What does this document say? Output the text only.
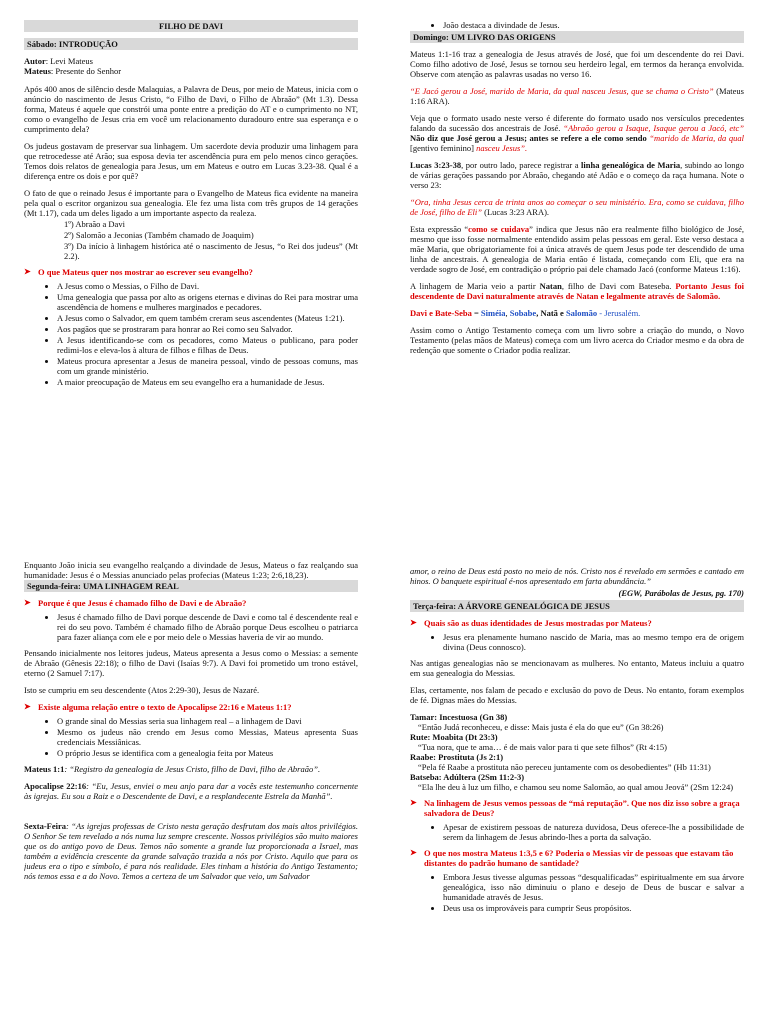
FILHO DE DAVI
Sábado: INTRODUÇÃO
Autor: Levi Mateus
Mateus: Presente do Senhor

Após 400 anos de silêncio desde Malaquias, a Palavra de Deus, por meio de Mateus, inicia com o anúncio do nascimento de Jesus Cristo, “o Filho de Davi, o Filho de Abraão” (Mt 1.3). Dessa forma, Mateus é aquele que constrói uma ponte entre a predição do AT e o cumprimento no NT, como o evangelho de Jesus cria em você um relacionamento duradouro entre sua esperança e o cumprimento dela?

Os judeus gostavam de preservar sua linhagem. Um sacerdote devia produzir uma linhagem para que retrocedesse até Arão; sua esposa devia ter ascendência pura em pelo menos cinco gerações. Temos dois relatos de genealogia para Jesus, um em Mateus e outro em Lucas 3.23-38. Qual é a diferença entre os dois e por quê?

O fato de que o reinado Jesus é importante para o Evangelho de Mateus fica evidente na maneira pela qual o escritor organizou sua genealogia. Ele fez uma lista com três grupos de 14 gerações (Mt 1.17), cada um deles ligado a um importante aspecto da realeza.

1º) Abraão a Davi
2º) Salomão a Jeconias (Também chamado de Joaquim)
3º) Da início à linhagem histórica até o nascimento de Jesus, “o Rei dos judeus” (Mt 2.2).
➤ O que Mateus quer nos mostrar ao escrever seu evangelho?
• A Jesus como o Messias, o Filho de Davi.
• Uma genealogia que passa por alto as origens eternas e divinas do Rei para mostrar uma ascendência de homens e mulheres marginados e pecadores.
• A Jesus como o Salvador, em quem também creram seus ascendentes (Mateus 1:21).
• Aos pagãos que se prostraram para honrar ao Rei como seu Salvador.
• A Jesus identificando-se com os pecadores, como Mateus o publicano, para poder redimi-los e eleva-los à altura de filhos e filhas de Deus.
• Mateus procura apresentar a Jesus de maneira pessoal, vindo de pessoas comuns, mas com um grande ministério.
• A maior preocupação de Mateus em seu evangelho era a humanidade de Jesus.
• João destaca a divindade de Jesus.
Domingo: UM LIVRO DAS ORIGENS

Mateus 1:1-16 traz a genealogia de Jesus através de José, que foi um descendente do rei Davi. Como filho adotivo de José, Jesus se tornou seu herdeiro legal, em termos da herança envolvida. Observe com atenção as palavras usadas no verso 16.

“E Jacó gerou a José, marido de Maria, da qual nasceu Jesus, que se chama o Cristo” (Mateus 1:16 ARA).

Veja que o formato usado neste verso é diferente do formato usado nos versículos precedentes falando da sucessão dos ancestrais de José. “Abraão gerou a Isaque, Isaque gerou a Jacó, etc” Não diz que José gerou a Jesus; antes se refere a ele como sendo “marido de Maria, da qual [gentivo feminino] nasceu Jesus”.

Lucas 3:23-38, por outro lado, parece registrar a linha genealógica de Maria, subindo ao longo de várias gerações passando por Abraão, chegando até Adão e o começo da raça humana. Note o verso 23:

“Ora, tinha Jesus cerca de trinta anos ao começar o seu ministério. Era, como se cuidava, filho de José, filho de Eli” (Lucas 3:23 ARA).

Esta expressão “como se cuidava” indica que Jesus não era realmente filho biológico de José, mesmo que isso fosse normalmente entendido assim pelas pessoas em geral. Este verso destaca a mãe Maria, que obrigatoriamente foi a única através de quem Jesus pode ter descendido de uma linha de ancestrais. A genealogia de Maria então é listada, começando com Eli, que era na verdade sogro de José, em contradição o próprio pai dele chamado Jacó (conforme Mateus 1:16).

A linhagem de Maria veio a partir Natan, filho de Davi com Bateseba. Portanto Jesus foi descendente de Davi naturalmente através de Natan e legalmente através de Salomão.

Davi e Bate-Seba = Siméia, Sobabe, Natã e Salomão - Jerusalém.

Assim como o Antigo Testamento começa com um livro sobre a criação do mundo, o Novo Testamento (pelas mãos de Mateus) começa com um livro acerca do Criador mesmo e da obra de redenção que somente o Criador podia realizar.

Enquanto João inicia seu evangelho realçando a divindade de Jesus, Mateus o faz realçando sua humanidade: Jesus é o Messias anunciado pelas profecias (Mateus 1:23; 2:6,18,23).

Segunda-feira: UMA LINHAGEM REAL
➤ Porque é que Jesus é chamado filho de Davi e de Abraão?
• Jesus é chamado filho de Davi porque descende de Davi e como tal é descendente real e rei do seu povo. Também é chamado filho de Abraão porque Deus escolheu o patriarca para fazer aliança com ele e por meio dele o Messias haveria de vir ao mundo.

Pensando inicialmente nos leitores judeus, Mateus apresenta a Jesus como o Messias: a semente de Abraão (Gênesis 22:18); o filho de Davi (Isaías 9:7). A Davi foi prometido um trono estável, eterno (2 Samuel 7:17).

Isto se cumpriu em seu descendente (Atos 2:29-30), Jesus de Nazaré.

➤ Existe alguma relação entre o texto de Apocalipse 22:16 e Mateus 1:1?
• O grande sinal do Messias seria sua linhagem real – a linhagem de Davi
• Mesmo os judeus não crendo em Jesus como Messias, Mateus apresenta Suas credenciais Messiânicas.
• O próprio Jesus se identifica com a genealogia feita por Mateus

Mateus 1:1: “Registro da genealogia de Jesus Cristo, filho de Davi, filho de Abraão”.

Apocalipse 22:16: “Eu, Jesus, enviei o meu anjo para dar a vocês este testemunho concernente às igrejas. Eu sou a Raiz e o Descendente de Davi, e a resplandecente Estrela da Manhã”.

Sexta-Feira: “As igrejas professas de Cristo nesta geração desfrutam dos mais altos privilégios. O Senhor Se tem revelado a nós numa luz sempre crescente. Nossos privilégios são muito maiores que os do antigo povo de Deus. Temos não somente a grande luz proporcionada a Israel, mas também a evidência crescente da grande salvação trazida a nós por Cristo. Aquilo que para os judeus era o tipo e símbolo, é para nós realidade. Eles tinham a história do Antigo Testamento; nós temos essa e a do Novo. Temos a certeza de um Salvador que veio, um Salvador

amor, o reino de Deus está posto no meio de nós. Cristo nos é revelado em sermões e cantado em hinos. O banquete espiritual é-nos apresentado em farta abundância.”

(EGW, Parábolas de Jesus, pg. 170)
Terça-feira: A ÁRVORE GENEALÓGICA DE JESUS
➤ Quais são as duas identidades de Jesus mostradas por Mateus?
• Jesus era plenamente humano nascido de Maria, mas ao mesmo tempo era de origem divina (Deus connosco).

Nas antigas genealogias não se mencionavam as mulheres. No entanto, Mateus incluiu a quatro em sua genealogia do Messias.

Elas, certamente, nos falam de pecado e exclusão do povo de Deus. No entanto, foram exemplos de fé. Dignas mães do Messias.

Tamar: Incestuosa (Gn 38)
“Então Judá reconheceu, e disse: Mais justa é ela do que eu” (Gn 38:26)
Rute: Moabita (Dt 23:3)
“Tua nora, que te ama… é de mais valor para ti que sete filhos” (Rt 4:15)
Raabe: Prostituta (Js 2:1)
“Pela fé Raabe a prostituta não pereceu juntamente com os desobedientes” (Hb 11:31)
Batseba: Adúltera (2Sm 11:2-3)
“Ela lhe deu à luz um filho, e chamou seu nome Salomão, ao qual amou Jeová” (2Sm 12:24)
➤ Na linhagem de Jesus vemos pessoas de “má reputação”. Que nos diz isso sobre a graça salvadora de Deus?
• Apesar de existirem pessoas de natureza duvidosa, Deus oferece-lhe a possibilidade de serem da linhagem de Jesus abrindo-lhes a porta da salvação.
➤ O que nos mostra Mateus 1:3,5 e 6? Poderia o Messias vir de pessoas que estavam tão distantes do padrão humano de santidade?
• Embora Jesus tivesse algumas pessoas “desqualificadas” espiritualmente em sua árvore genealógica, isso não diminuiu o plano e desejo de Deus de buscar e salvar a humanidade através de Jesus.
• Deus usa os improváveis para cumprir Seus propósitos.
